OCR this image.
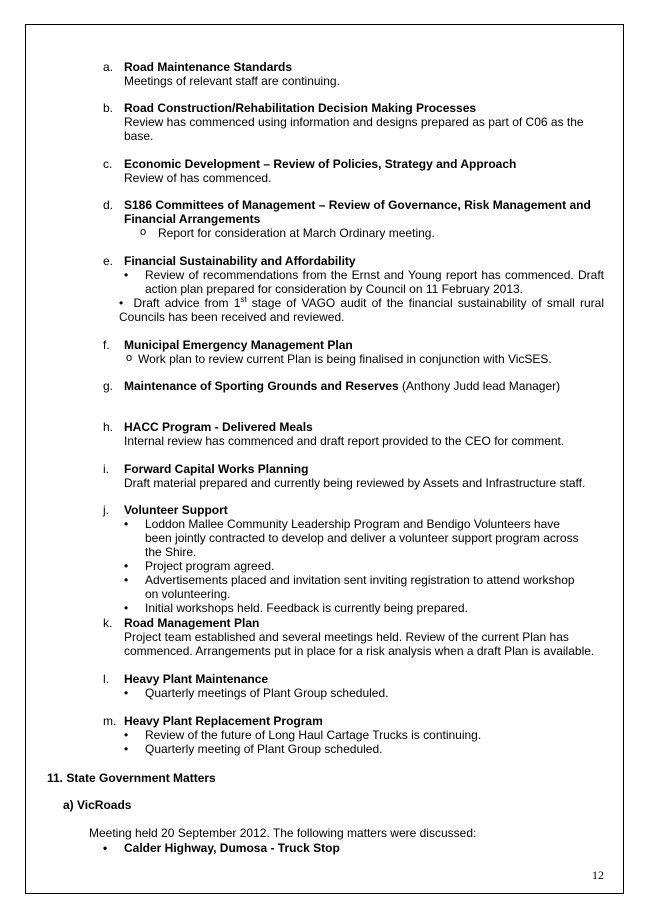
a. Road Maintenance Standards
Meetings of relevant staff are continuing.
b. Road Construction/Rehabilitation Decision Making Processes
Review has commenced using information and designs prepared as part of C06 as the base.
c. Economic Development – Review of Policies, Strategy and Approach
Review of has commenced.
d. S186 Committees of Management – Review of Governance, Risk Management and Financial Arrangements
o Report for consideration at March Ordinary meeting.
e. Financial Sustainability and Affordability
• Review of recommendations from the Ernst and Young report has commenced. Draft action plan prepared for consideration by Council on 11 February 2013.
•  Draft advice from 1st stage of VAGO audit of the financial sustainability of small rural Councils has been received and reviewed.
f. Municipal Emergency Management Plan
o Work plan to review current Plan is being finalised in conjunction with VicSES.
g. Maintenance of Sporting Grounds and Reserves (Anthony Judd lead Manager)
h. HACC Program - Delivered Meals
Internal review has commenced and draft report provided to the CEO for comment.
i. Forward Capital Works Planning
Draft material prepared and currently being reviewed by Assets and Infrastructure staff.
j. Volunteer Support
• Loddon Mallee Community Leadership Program and Bendigo Volunteers have been jointly contracted to develop and deliver a volunteer support program across the Shire.
• Project program agreed.
• Advertisements placed and invitation sent inviting registration to attend workshop on volunteering.
• Initial workshops held. Feedback is currently being prepared.
k. Road Management Plan
Project team established and several meetings held. Review of the current Plan has commenced. Arrangements put in place for a risk analysis when a draft Plan is available.
l. Heavy Plant Maintenance
• Quarterly meetings of Plant Group scheduled.
m. Heavy Plant Replacement Program
• Review of the future of Long Haul Cartage Trucks is continuing.
• Quarterly meeting of Plant Group scheduled.
11. State Government Matters
a) VicRoads
Meeting held 20 September 2012. The following matters were discussed:
• Calder Highway, Dumosa - Truck Stop
12
